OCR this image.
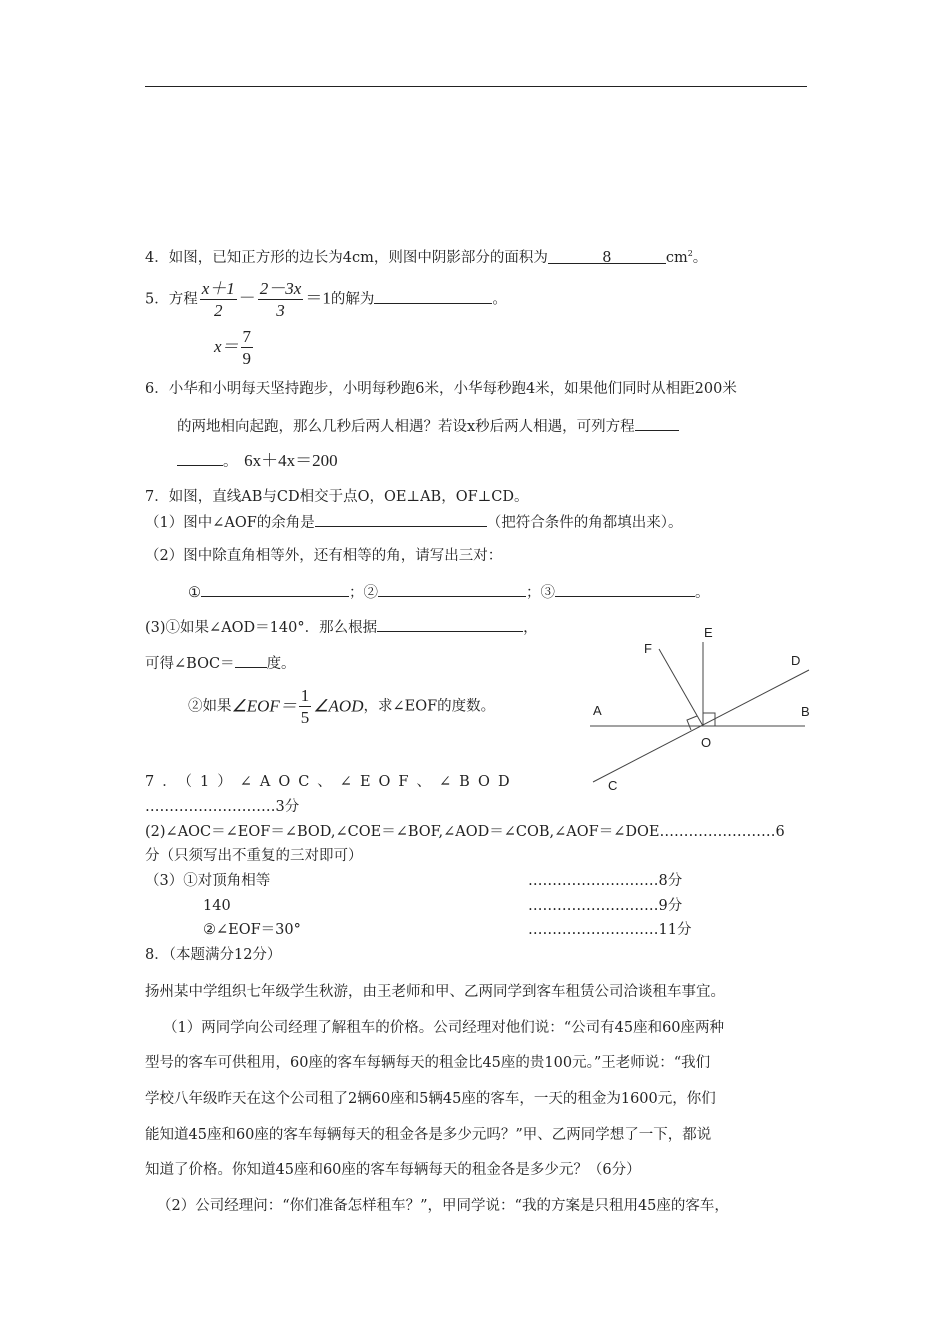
4．如图，已知正方形的边长为4cm，则图中阴影部分的面积为	8	$cm^2$。
5．方程 $\frac{x+1}{2} - \frac{2-3x}{3} =1$的解为	。
$x= \frac{7}{9}$
6．小华和小明每天坚持跑步，小明每秒跑6米，小华每秒跑4米，如果他们同时从相距200米
的两地相向起跑，那么几秒后两人相遇？若设x秒后两人相遇，可列方程
。 6x＋4x＝200
7．如图，直线AB与CD相交于点O，OE⊥AB，OF⊥CD。
（1）图中∠AOF的余角是	（把符合条件的角都填出来）。
（2）图中除直角相等外，还有相等的角，请写出三对：
①	；②	；③	。
(3)①如果∠AOD＝140°．那么根据	，
可得∠BOC＝ 度。
②如果∠EOF＝ $\frac{1}{5}$ ∠AOD，求∠EOF的度数。
E
F
D
A	B
O
C
7．（1）∠AOC、∠EOF、∠BOD
………………………3分
(2)∠AOC＝∠EOF＝∠BOD,∠COE＝∠BOF,∠AOD＝∠COB,∠AOF＝∠DOE……………………6
分（只须写出不重复的三对即可）
（3）①对顶角相等	………………………8分
140	………………………9分
②∠EOF＝30°	………………………11分
8．（本题满分12分）
扬州某中学组织七年级学生秋游，由王老师和甲、乙两同学到客车租赁公司洽谈租车事宜。
（1）两同学向公司经理了解租车的价格。公司经理对他们说：“公司有45座和60座两种
型号的客车可供租用，60座的客车每辆每天的租金比45座的贵100元。”王老师说：“我们
学校八年级昨天在这个公司租了2辆60座和5辆45座的客车，一天的租金为1600元，你们
能知道45座和60座的客车每辆每天的租金各是多少元吗？”甲、乙两同学想了一下，都说
知道了价格。你知道45座和60座的客车每辆每天的租金各是多少元？（6分）
（2）公司经理问：“你们准备怎样租车？”，甲同学说：“我的方案是只租用45座的客车，
